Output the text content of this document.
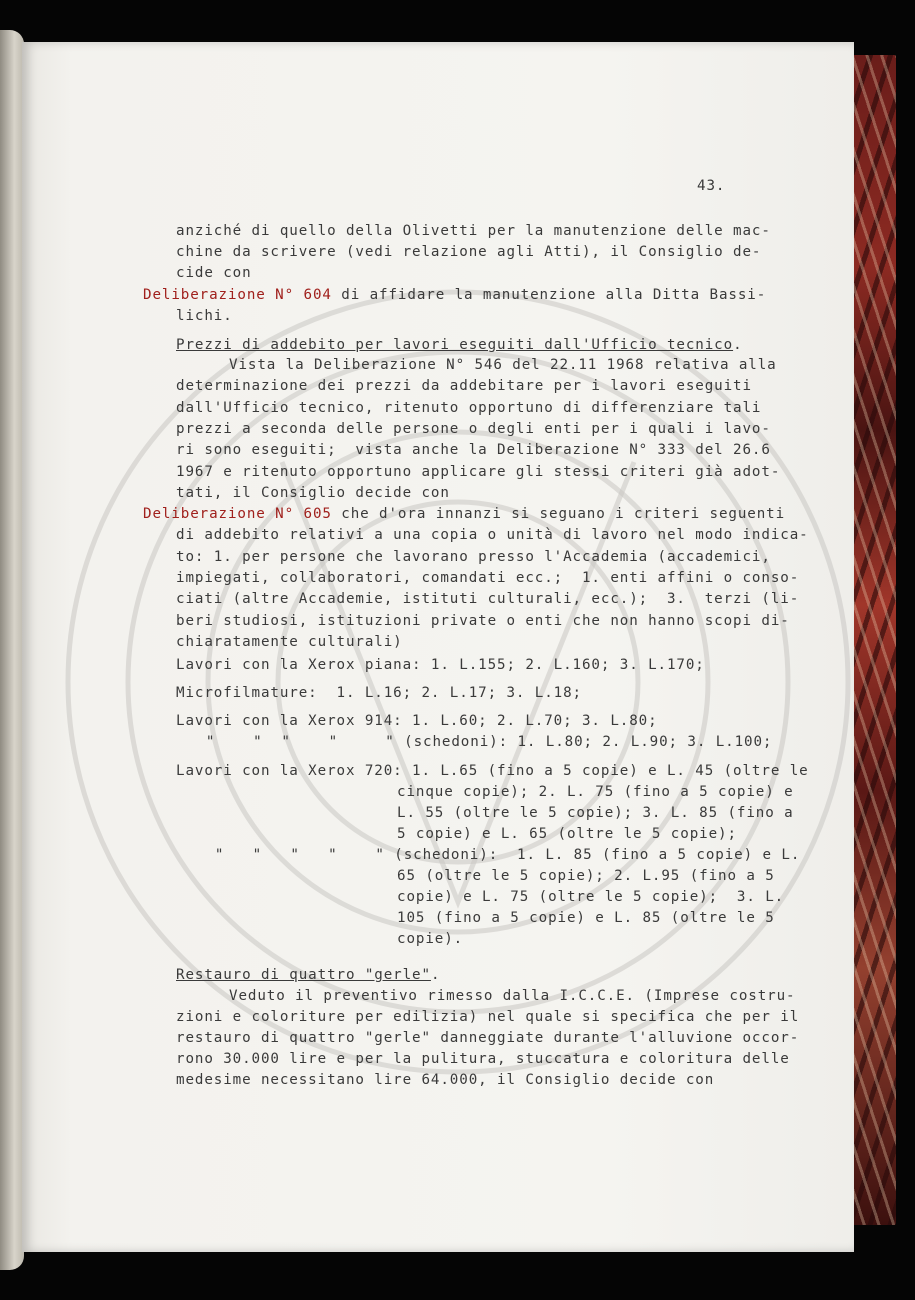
43.
anziché di quello della Olivetti per la manutenzione delle mac-
chine da scrivere (vedi relazione agli Atti), il Consiglio de-
cide con
Deliberazione N° 604 di affidare la manutenzione alla Ditta Bassi-
lichi.
Prezzi di addebito per lavori eseguiti dall'Ufficio tecnico.
Vista la Deliberazione N° 546 del 22.11 1968 relativa alla
determinazione dei prezzi da addebitare per i lavori eseguiti
dall'Ufficio tecnico, ritenuto opportuno di differenziare tali
prezzi a seconda delle persone o degli enti per i quali i lavo-
ri sono eseguiti;  vista anche la Deliberazione N° 333 del 26.6
1967 e ritenuto opportuno applicare gli stessi criteri già adot-
tati, il Consiglio decide con
Deliberazione N° 605 che d'ora innanzi si seguano i criteri seguenti
di addebito relativi a una copia o unità di lavoro nel modo indica-
to: 1. per persone che lavorano presso l'Accademia (accademici,
impiegati, collaboratori, comandati ecc.;  1. enti affini o conso-
ciati (altre Accademie, istituti culturali, ecc.);  3.  terzi (li-
beri studiosi, istituzioni private o enti che non hanno scopi di-
chiaratamente culturali)
Lavori con la Xerox piana: 1. L.155; 2. L.160; 3. L.170;
Microfilmature:  1. L.16; 2. L.17; 3. L.18;
Lavori con la Xerox 914: 1. L.60; 2. L.70; 3. L.80;
"    "  "    "     " (schedoni): 1. L.80; 2. L.90; 3. L.100;
Lavori con la Xerox 720: 1. L.65 (fino a 5 copie) e L. 45 (oltre le
cinque copie); 2. L. 75 (fino a 5 copie) e
L. 55 (oltre le 5 copie); 3. L. 85 (fino a
5 copie) e L. 65 (oltre le 5 copie);
"   "   "   "    " (schedoni):  1. L. 85 (fino a 5 copie) e L.
65 (oltre le 5 copie); 2. L.95 (fino a 5
copie) e L. 75 (oltre le 5 copie);  3. L.
105 (fino a 5 copie) e L. 85 (oltre le 5
copie).
Restauro di quattro "gerle".
Veduto il preventivo rimesso dalla I.C.C.E. (Imprese costru-
zioni e coloriture per edilizia) nel quale si specifica che per il
restauro di quattro "gerle" danneggiate durante l'alluvione occor-
rono 30.000 lire e per la pulitura, stuccatura e coloritura delle
medesime necessitano lire 64.000, il Consiglio decide con
